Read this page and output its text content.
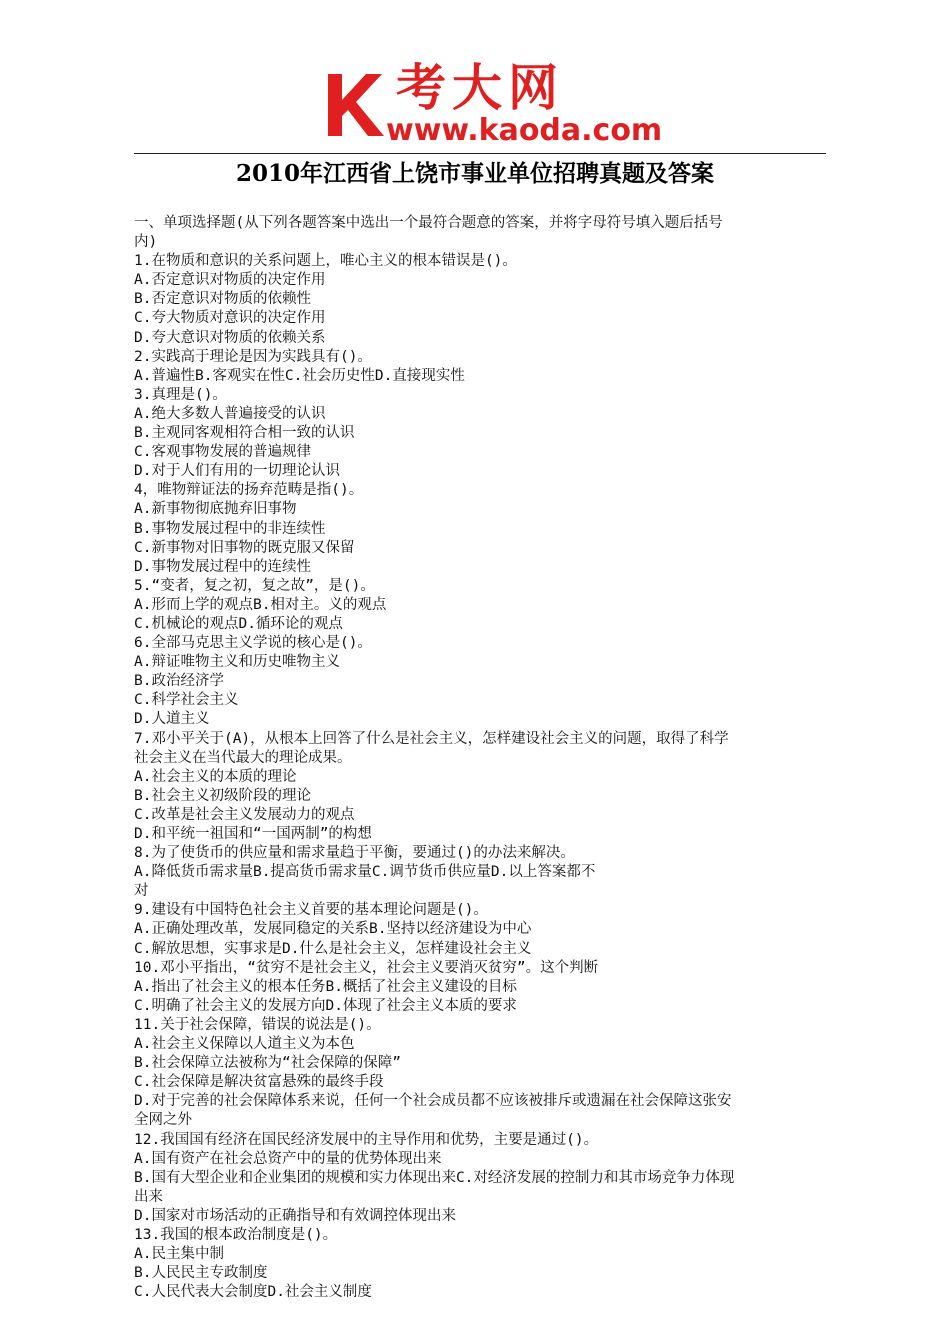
考大网
www.kaoda.com
2010年江西省上饶市事业单位招聘真题及答案
一、单项选择题(从下列各题答案中选出一个最符合题意的答案，并将字母符号填入题后括号
内)
1.在物质和意识的关系问题上，唯心主义的根本错误是()。
A.否定意识对物质的决定作用
B.否定意识对物质的依赖性
C.夸大物质对意识的决定作用
D.夸大意识对物质的依赖关系
2.实践高于理论是因为实践具有()。
A.普遍性B.客观实在性C.社会历史性D.直接现实性
3.真理是()。
A.绝大多数人普遍接受的认识
B.主观同客观相符合相一致的认识
C.客观事物发展的普遍规律
D.对于人们有用的一切理论认识
4，唯物辩证法的扬弃范畴是指()。
A.新事物彻底抛弃旧事物
B.事物发展过程中的非连续性
C.新事物对旧事物的既克服又保留
D.事物发展过程中的连续性
5.“变者，复之初，复之故”，是()。
A.形而上学的观点B.相对主。义的观点
C.机械论的观点D.循环论的观点
6.全部马克思主义学说的核心是()。
A.辩证唯物主义和历史唯物主义
B.政治经济学
C.科学社会主义
D.人道主义
7.邓小平关于(A)，从根本上回答了什么是社会主义，怎样建设社会主义的问题，取得了科学
社会主义在当代最大的理论成果。
A.社会主义的本质的理论
B.社会主义初级阶段的理论
C.改革是社会主义发展动力的观点
D.和平统一祖国和“一国两制”的构想
8.为了使货币的供应量和需求量趋于平衡，要通过()的办法来解决。
A.降低货币需求量B.提高货币需求量C.调节货币供应量D.以上答案都不
对
9.建设有中国特色社会主义首要的基本理论问题是()。
A.正确处理改革，发展同稳定的关系B.坚持以经济建设为中心
C.解放思想，实事求是D.什么是社会主义，怎样建设社会主义
10.邓小平指出，“贫穷不是社会主义，社会主义要消灭贫穷”。这个判断
A.指出了社会主义的根本任务B.概括了社会主义建设的目标
C.明确了社会主义的发展方向D.体现了社会主义本质的要求
11.关于社会保障，错误的说法是()。
A.社会主义保障以人道主义为本色
B.社会保障立法被称为“社会保障的保障”
C.社会保障是解决贫富悬殊的最终手段
D.对于完善的社会保障体系来说，任何一个社会成员都不应该被排斥或遗漏在社会保障这张安
全网之外
12.我国国有经济在国民经济发展中的主导作用和优势，主要是通过()。
A.国有资产在社会总资产中的量的优势体现出来
B.国有大型企业和企业集团的规模和实力体现出来C.对经济发展的控制力和其市场竞争力体现
出来
D.国家对市场活动的正确指导和有效调控体现出来
13.我国的根本政治制度是()。
A.民主集中制
B.人民民主专政制度
C.人民代表大会制度D.社会主义制度
